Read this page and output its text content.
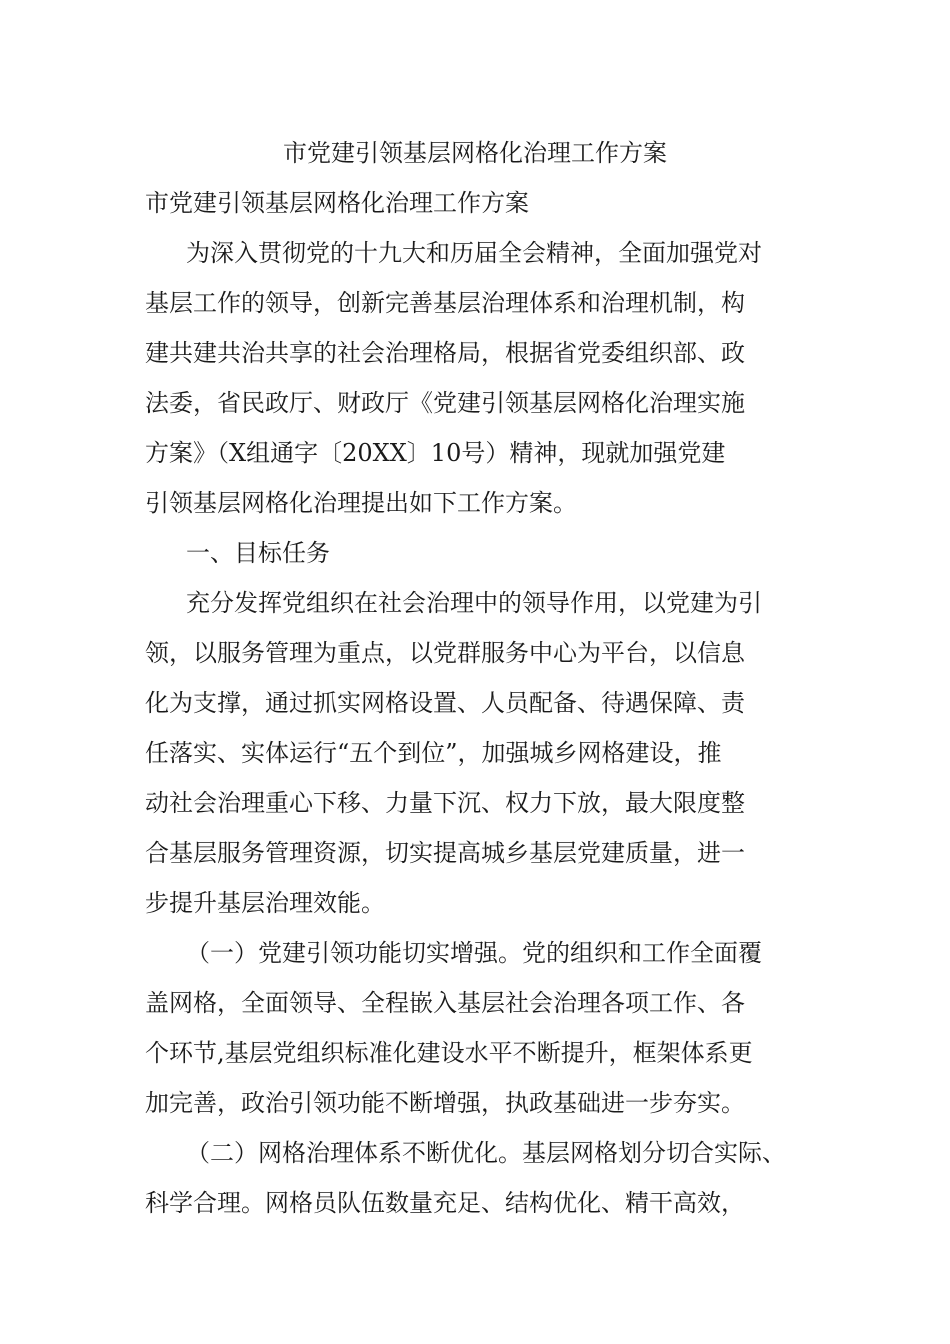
市党建引领基层网格化治理工作方案

市党建引领基层网格化治理工作方案

为深入贯彻党的十九大和历届全会精神，全面加强党对

基层工作的领导，创新完善基层治理体系和治理机制，构

建共建共治共享的社会治理格局，根据省党委组织部、政

法委，省民政厅、财政厅《党建引领基层网格化治理实施

方案》（X组通字〔20XX〕10号）精神，现就加强党建

引领基层网格化治理提出如下工作方案。

一、目标任务

充分发挥党组织在社会治理中的领导作用，以党建为引

领，以服务管理为重点，以党群服务中心为平台，以信息

化为支撑，通过抓实网格设置、人员配备、待遇保障、责

任落实、实体运行“五个到位”，加强城乡网格建设，推

动社会治理重心下移、力量下沉、权力下放，最大限度整

合基层服务管理资源，切实提高城乡基层党建质量，进一

步提升基层治理效能。

（一）党建引领功能切实增强。党的组织和工作全面覆

盖网格，全面领导、全程嵌入基层社会治理各项工作、各

个环节,基层党组织标准化建设水平不断提升，框架体系更

加完善，政治引领功能不断增强，执政基础进一步夯实。

（二）网格治理体系不断优化。基层网格划分切合实际、

科学合理。网格员队伍数量充足、结构优化、精干高效，
